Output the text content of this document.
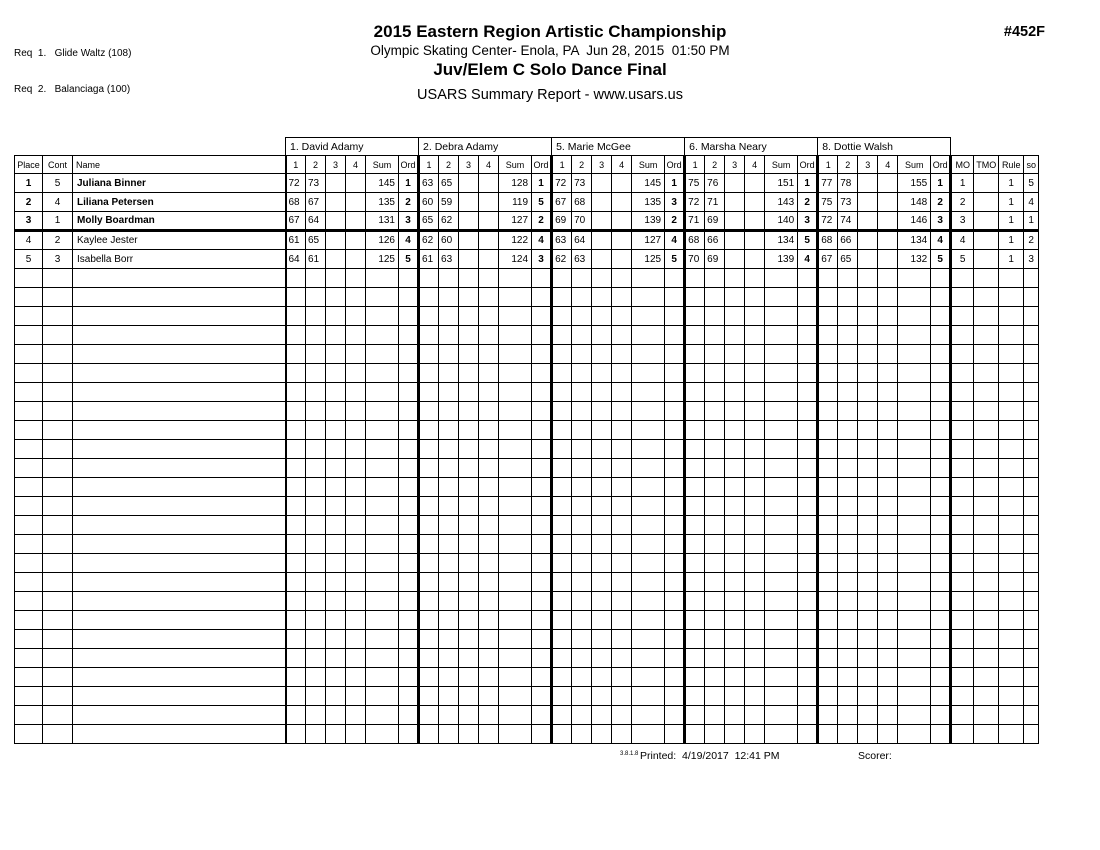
Req  1.   Glide Waltz (108)

Req  2.   Balanciaga (100)

2015 Eastern Region Artistic Championship
Olympic Skating Center- Enola, PA  Jun 28, 2015  01:50 PM
Juv/Elem C Solo Dance Final
USARS Summary Report - www.usars.us
#452F
			1. David Adamy						2. Debra Adamy						5. Marie McGee						6. Marsha Neary						8. Dottie Walsh									
Place	Cont	Name	1	2	3	4	Sum	Ord	1	2	3	4	Sum	Ord	1	2	3	4	Sum	Ord	1	2	3	4	Sum	Ord	1	2	3	4	Sum	Ord	MO	TMO	Rule	so
1	5	Juliana Binner	72	73			145	1	63	65			128	1	72	73			145	1	75	76			151	1	77	78			155	1	1		1	5
2	4	Liliana Petersen	68	67			135	2	60	59			119	5	67	68			135	3	72	71			143	2	75	73			148	2	2		1	4
3	1	Molly Boardman	67	64			131	3	65	62			127	2	69	70			139	2	71	69			140	3	72	74			146	3	3		1	1
4	2	Kaylee Jester	61	65			126	4	62	60			122	4	63	64			127	4	68	66			134	5	68	66			134	4	4		1	2
5	3	Isabella Borr	64	61			125	5	61	63			124	3	62	63			125	5	70	69			139	4	67	65			132	5	5		1	3

3.8.1.8 Printed:  4/19/2017  12:41 PM	Scorer:
